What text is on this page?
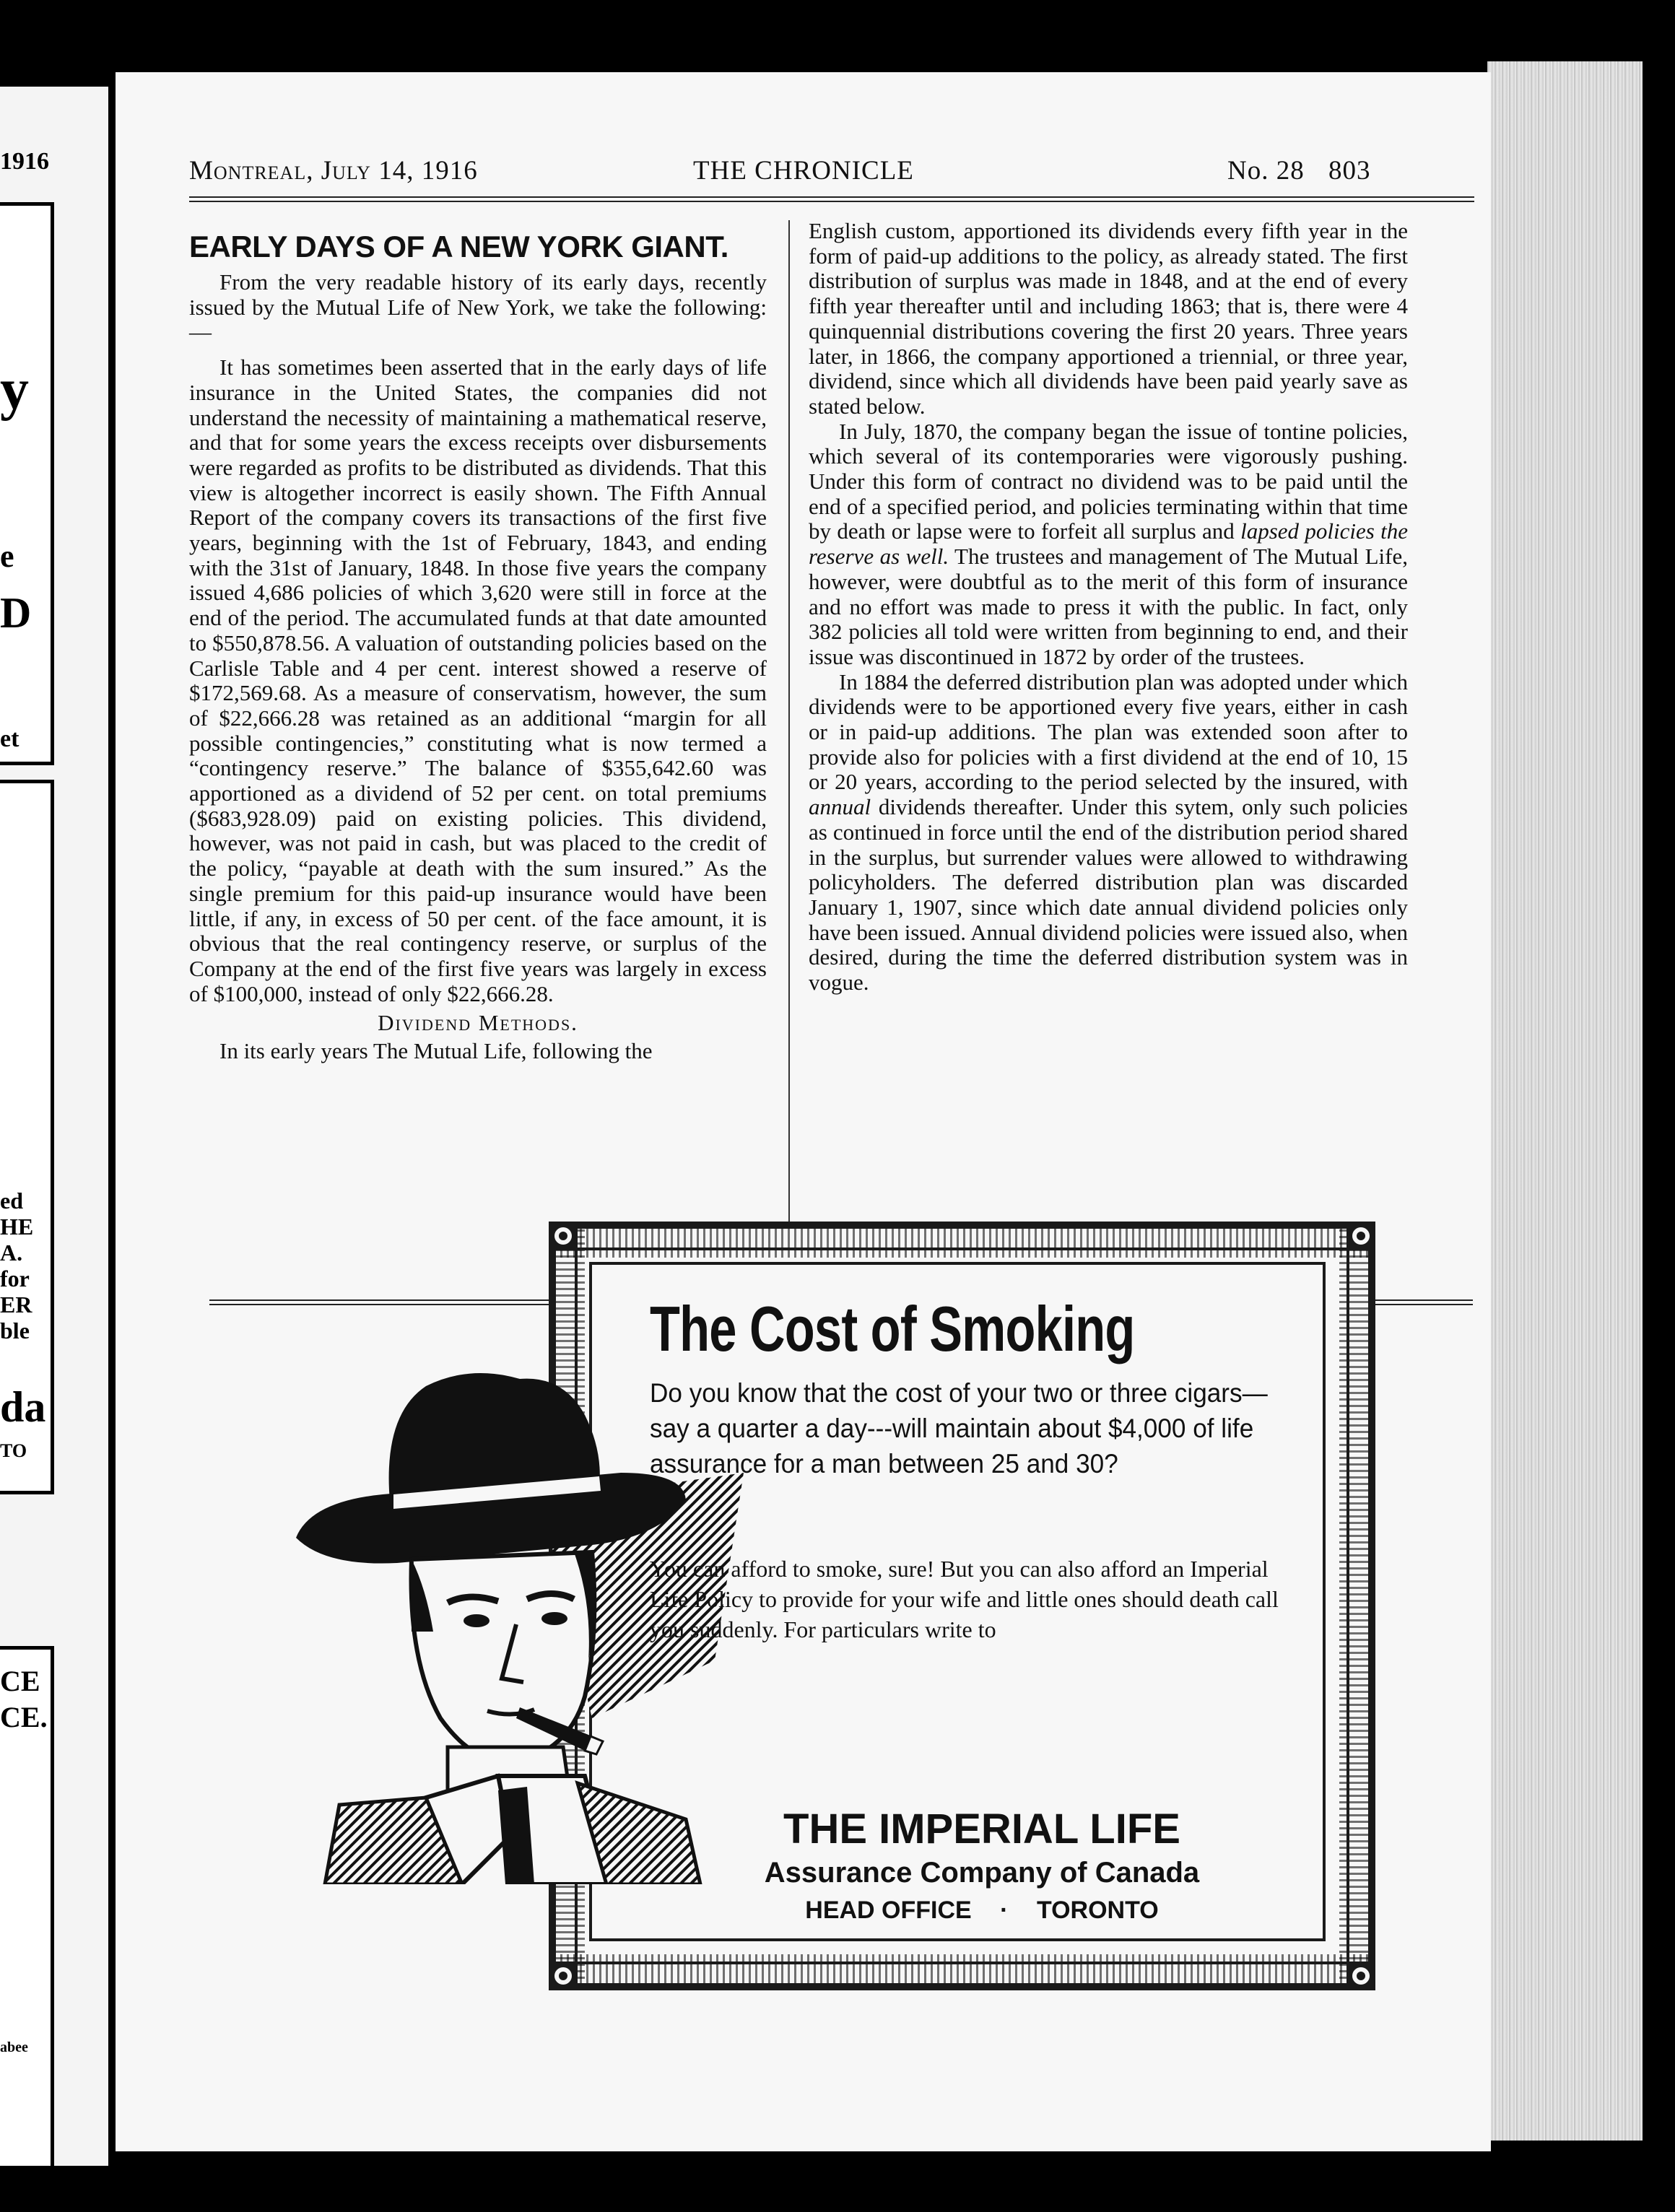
1916
y
e
D
et
ed
HE
A.
for
ER
ble
da
TO
CE
CE.
abee
Montreal, July 14, 1916	THE CHRONICLE	No. 28 803
EARLY DAYS OF A NEW YORK GIANT.

From the very readable history of its early days, recently issued by the Mutual Life of New York, we take the following:—

It has sometimes been asserted that in the early days of life insurance in the United States, the companies did not understand the necessity of maintaining a mathematical reserve, and that for some years the excess receipts over disbursements were regarded as profits to be distributed as dividends. That this view is altogether incorrect is easily shown. The Fifth Annual Report of the company covers its transactions of the first five years, beginning with the 1st of February, 1843, and ending with the 31st of January, 1848. In those five years the company issued 4,686 policies of which 3,620 were still in force at the end of the period. The accumulated funds at that date amounted to $550,878.56. A valuation of outstanding policies based on the Carlisle Table and 4 per cent. interest showed a reserve of $172,569.68. As a measure of conservatism, however, the sum of $22,666.28 was retained as an additional “margin for all possible contingencies,” constituting what is now termed a “contingency reserve.” The balance of $355,642.60 was apportioned as a dividend of 52 per cent. on total premiums ($683,928.09) paid on existing policies. This dividend, however, was not paid in cash, but was placed to the credit of the policy, “payable at death with the sum insured.” As the single premium for this paid-up insurance would have been little, if any, in excess of 50 per cent. of the face amount, it is obvious that the real contingency reserve, or surplus of the Company at the end of the first five years was largely in excess of $100,000, instead of only $22,666.28.

Dividend Methods.

In its early years The Mutual Life, following the

English custom, apportioned its dividends every fifth year in the form of paid-up additions to the policy, as already stated. The first distribution of surplus was made in 1848, and at the end of every fifth year thereafter until and including 1863; that is, there were 4 quinquennial distributions covering the first 20 years. Three years later, in 1866, the company apportioned a triennial, or three year, dividend, since which all dividends have been paid yearly save as stated below.

In July, 1870, the company began the issue of tontine policies, which several of its contemporaries were vigorously pushing. Under this form of contract no dividend was to be paid until the end of a specified period, and policies terminating within that time by death or lapse were to forfeit all surplus and lapsed policies the reserve as well. The trustees and management of The Mutual Life, however, were doubtful as to the merit of this form of insurance and no effort was made to press it with the public. In fact, only 382 policies all told were written from beginning to end, and their issue was discontinued in 1872 by order of the trustees.

In 1884 the deferred distribution plan was adopted under which dividends were to be apportioned every five years, either in cash or in paid-up additions. The plan was extended soon after to provide also for policies with a first dividend at the end of 10, 15 or 20 years, according to the period selected by the insured, with annual dividends thereafter. Under this sytem, only such policies as continued in force until the end of the distribution period shared in the surplus, but surrender values were allowed to withdrawing policyholders. The deferred distribution plan was discarded January 1, 1907, since which date annual dividend policies only have been issued. Annual dividend policies were issued also, when desired, during the time the deferred distribution system was in vogue.

The Cost of Smoking
Do you know that the cost of your two or three cigars—say a quarter a day---will maintain about $4,000 of life assurance for a man between 25 and 30?
You can afford to smoke, sure! But you can also afford an Imperial Life Policy to provide for your wife and little ones should death call you suddenly. For particulars write to
THE IMPERIAL LIFE
Assurance Company of Canada
HEAD OFFICE · TORONTO
